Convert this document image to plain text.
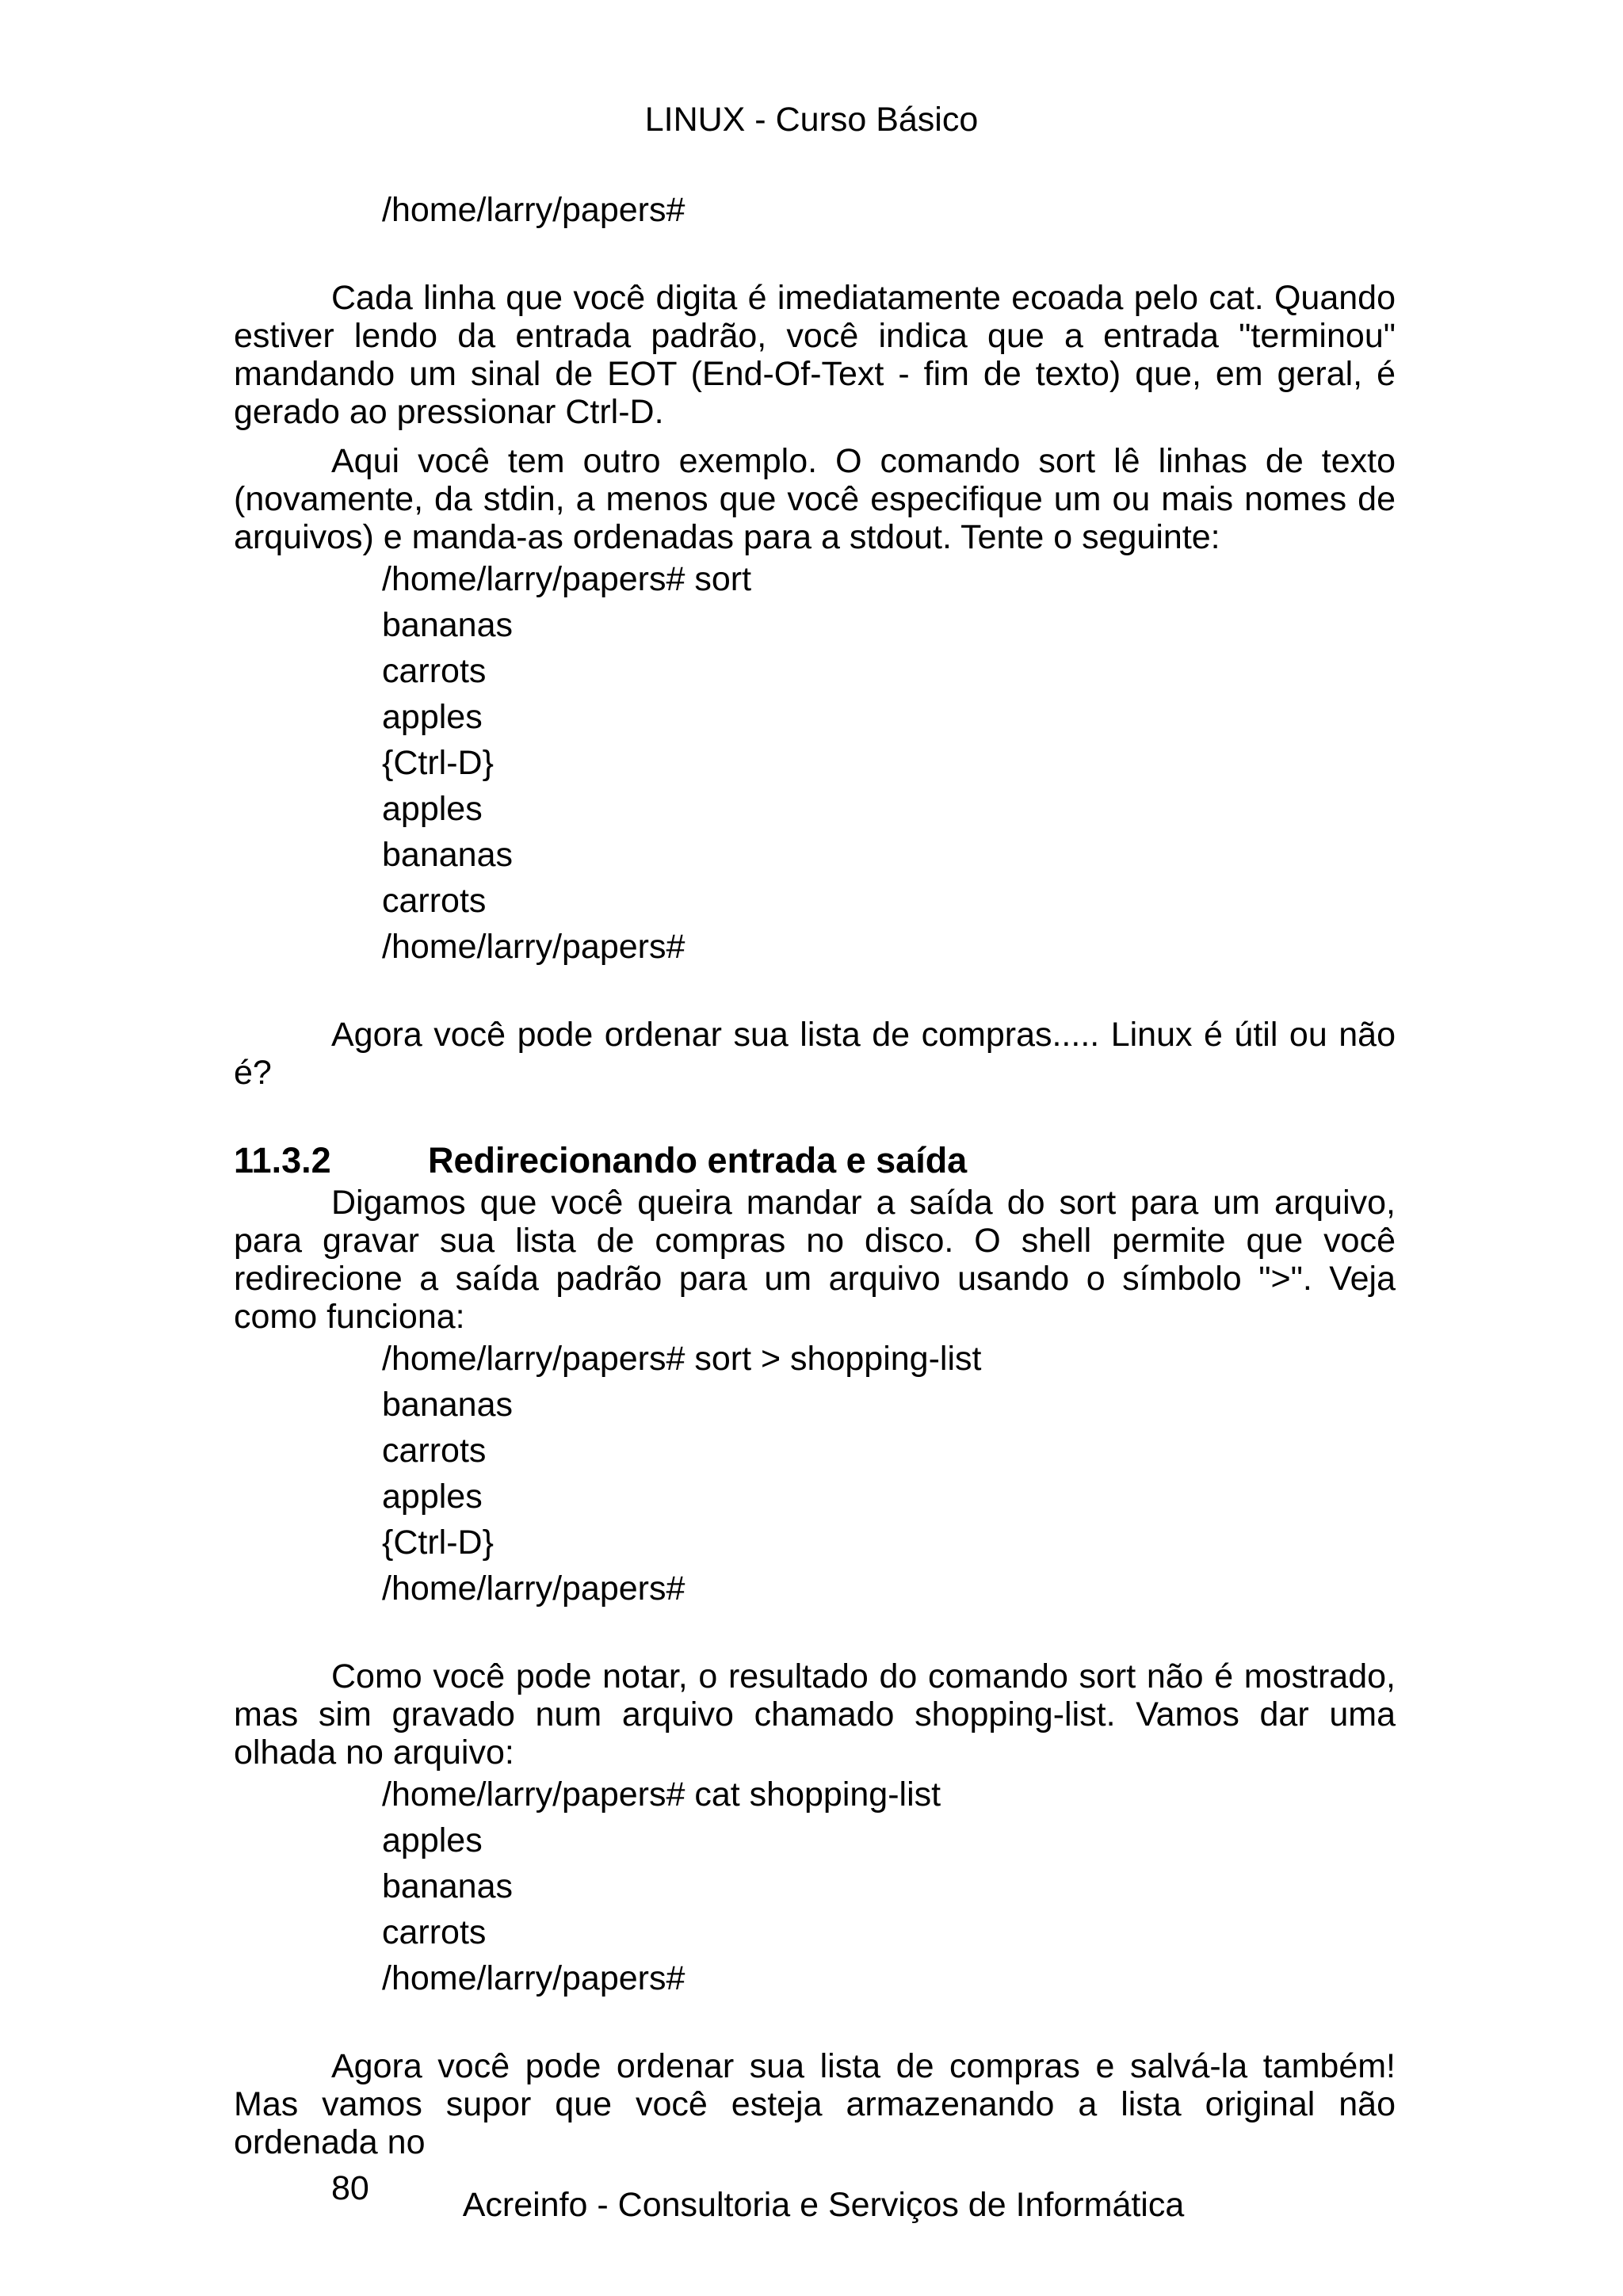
LINUX - Curso Básico
/home/larry/papers#

Cada linha que você digita é imediatamente ecoada pelo cat. Quando estiver lendo da entrada padrão, você indica que a entrada "terminou" mandando um sinal de EOT (End-Of-Text - fim de texto) que, em geral, é gerado ao pressionar Ctrl-D.

Aqui você tem outro exemplo. O comando sort lê linhas de texto (novamente, da stdin, a menos que você especifique um ou mais nomes de arquivos) e manda-as ordenadas para a stdout. Tente o seguinte:

/home/larry/papers# sort
bananas
carrots
apples
{Ctrl-D}
apples
bananas
carrots
/home/larry/papers#

Agora você pode ordenar sua lista de compras..... Linux é útil ou não é?

11.3.2	Redirecionando entrada e saída

Digamos que você queira mandar a saída do sort para um arquivo, para gravar sua lista de compras no disco. O shell permite que você redirecione a saída padrão para um arquivo usando o símbolo ">". Veja como funciona:

/home/larry/papers# sort > shopping-list
bananas
carrots
apples
{Ctrl-D}
/home/larry/papers#

Como você pode notar, o resultado do comando sort não é mostrado, mas sim gravado num arquivo chamado shopping-list. Vamos dar uma olhada no arquivo:

/home/larry/papers# cat shopping-list
apples
bananas
carrots
/home/larry/papers#

Agora você pode ordenar sua lista de compras e salvá-la também! Mas vamos supor que você esteja armazenando a lista original não ordenada no

80	Acreinfo - Consultoria e Serviços de Informática
